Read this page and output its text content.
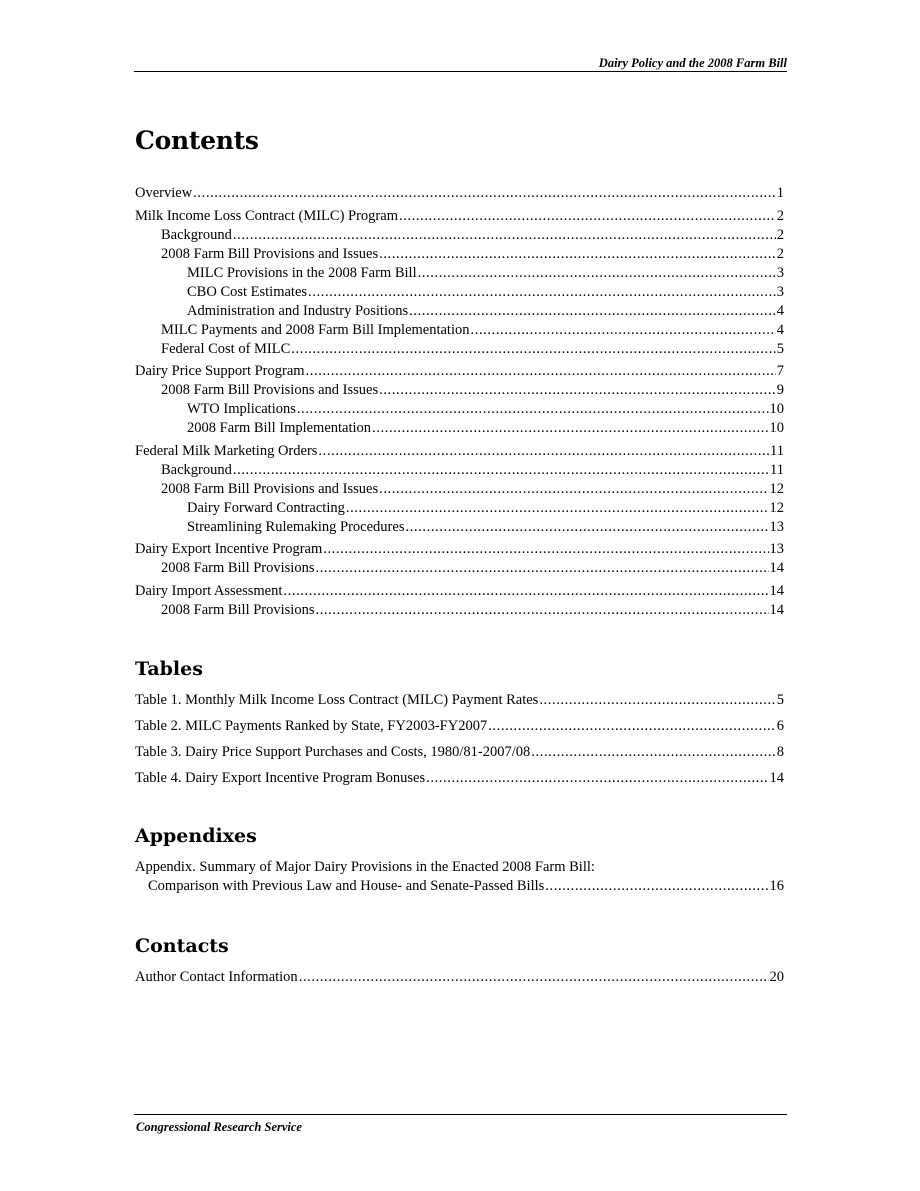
Dairy Policy and the 2008 Farm Bill
Contents
Overview .....	1
Milk Income Loss Contract (MILC) Program .....	2
Background .....	2
2008 Farm Bill Provisions and Issues .....	2
MILC Provisions in the 2008 Farm Bill .....	3
CBO Cost Estimates .....	3
Administration and Industry Positions .....	4
MILC Payments and 2008 Farm Bill Implementation .....	4
Federal Cost of MILC .....	5
Dairy Price Support Program .....	7
2008 Farm Bill Provisions and Issues .....	9
WTO Implications .....	10
2008 Farm Bill Implementation .....	10
Federal Milk Marketing Orders .....	11
Background .....	11
2008 Farm Bill Provisions and Issues .....	12
Dairy Forward Contracting .....	12
Streamlining Rulemaking Procedures .....	13
Dairy Export Incentive Program .....	13
2008 Farm Bill Provisions .....	14
Dairy Import Assessment .....	14
2008 Farm Bill Provisions .....	14
Tables
Table 1. Monthly Milk Income Loss Contract (MILC) Payment Rates .....	5
Table 2. MILC Payments Ranked by State, FY2003-FY2007 .....	6
Table 3. Dairy Price Support Purchases and Costs, 1980/81-2007/08 .....	8
Table 4. Dairy Export Incentive Program Bonuses .....	14
Appendixes
Appendix. Summary of Major Dairy Provisions in the Enacted 2008 Farm Bill:
Comparison with Previous Law and House- and Senate-Passed Bills .....	16
Contacts
Author Contact Information .....	20
Congressional Research Service
